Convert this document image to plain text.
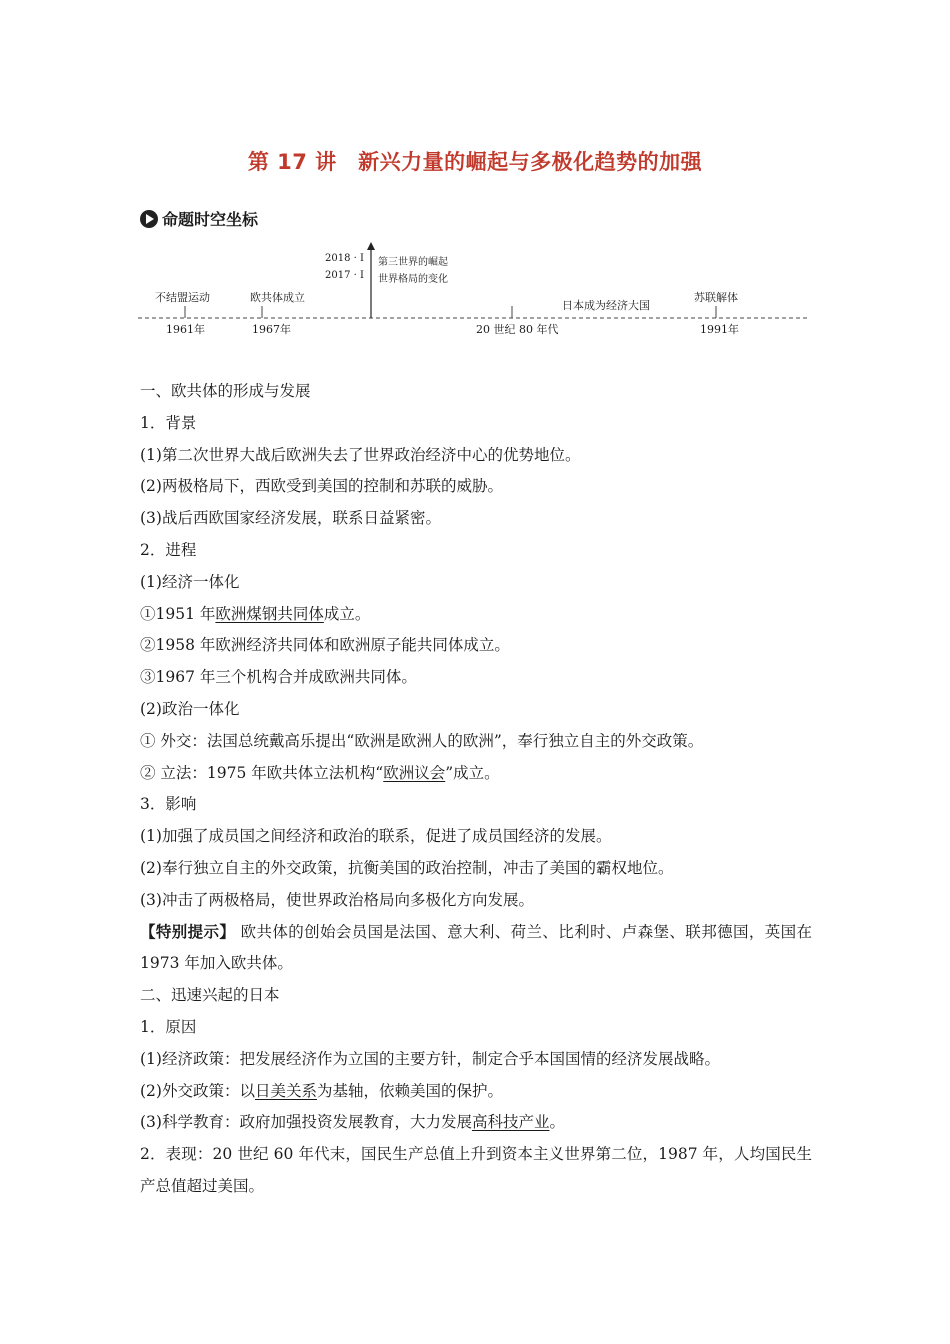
第 17 讲　新兴力量的崛起与多极化趋势的加强
命题时空坐标
不结盟运动	欧共体成立
日本成为经济大国
苏联解体
1961年	1967年	20 世纪 80 年代	1991年
2018 · Ⅰ
2017 · Ⅰ
第三世界的崛起
世界格局的变化
一、欧共体的形成与发展
1．背景
(1)第二次世界大战后欧洲失去了世界政治经济中心的优势地位。
(2)两极格局下，西欧受到美国的控制和苏联的威胁。
(3)战后西欧国家经济发展，联系日益紧密。
2．进程
(1)经济一体化
①1951 年欧洲煤钢共同体成立。
②1958 年欧洲经济共同体和欧洲原子能共同体成立。
③1967 年三个机构合并成欧洲共同体。
(2)政治一体化
① 外交：法国总统戴高乐提出“欧洲是欧洲人的欧洲”，奉行独立自主的外交政策。
② 立法：1975 年欧共体立法机构“欧洲议会”成立。
3．影响
(1)加强了成员国之间经济和政治的联系，促进了成员国经济的发展。
(2)奉行独立自主的外交政策，抗衡美国的政治控制，冲击了美国的霸权地位。
(3)冲击了两极格局，使世界政治格局向多极化方向发展。
【特别提示】 欧共体的创始会员国是法国、意大利、荷兰、比利时、卢森堡、联邦德国，英国在 1973 年加入欧共体。
二、迅速兴起的日本
1．原因
(1)经济政策：把发展经济作为立国的主要方针，制定合乎本国国情的经济发展战略。
(2)外交政策：以日美关系为基轴，依赖美国的保护。
(3)科学教育：政府加强投资发展教育，大力发展高科技产业。
2．表现：20 世纪 60 年代末，国民生产总值上升到资本主义世界第二位，1987 年，人均国民生产总值超过美国。
